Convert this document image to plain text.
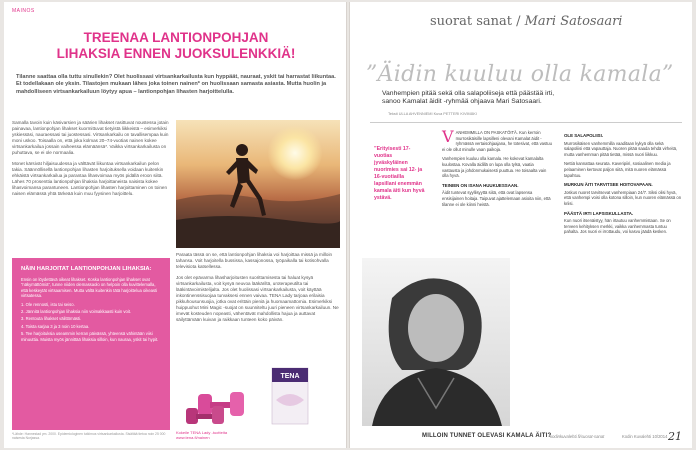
MAINOS
TREENAA LANTIONPOHJAN
LIHAKSIA ENNEN JUOKSULENKKIÄ!
Tilanne saattaa olla tuttu sinullekin? Olet huolissasi virtsankarkailusta kun hyppäät, nauraat, yskit tai harrastat liikuntaa. Et todellakaan ole yksin. Tilastojen mukaan lähes joka toinen nainen* on huolissaan samasta asiasta. Mutta huolin ja mahdolliseen virtsankarkailuun löytyy apua – lantionpohjan lihasten harjoittelulla.

Samalla tavoin kuin käsivarsien ja säärien lihakset rasittuvat noustessa jotain painavaa, lantionpohjan lihakset kuormittuvat tietyistä liikkeistä – esimerkiksi yskiessäsi, nauraessasi tai juostessasi. Virtsankarkailu on tavallisempaa kuin moni uskoo. Toisaalla on, että joka kolmas 20–74-vuotias nainen kokee virtsankarkailua jossain vaiheessa elämäänsä*. Vaikka virtsankarkailusta on puhuttava, se ei ole normaalia.

Monet kärsivät hiljaisuudessa ja välttävät liikuntaa virtsankarkailun pelon takia. Säännöllisellä lantionpohjan lihasten harjoituksella voidaan kuitenkin ehkäistä virtsankarkailua ja parantaa lihasvoimaa myös pidällä eroon siitä. Lähes 70 prosenttia lantionpohjan lihaksia harjoittaneista naisista kokee lihasvoimansa parantuneen. Lantionpohjan lihasten harjoittaminen on toinen naisen elämässä yhtä tärkeää kuin muu fyysinen harjoittelu.

Paraata tässä on se, että lantionpohjan lihaksia voi harjoittaa missä ja milloin tahansa. Voit harjoitella bussissa, kassajonossa, työpaikalla tai kotisohvalla televisiota katsellessa.

Jos olet epävarma lihasharjoitusten suorittamisesta tai haluat kysyä virtsankarkailusta, voit kysyä neuvoa lääkäriltä, uroterapeutilta tai lääkintävoimistelijalta. Jos olet huolissasi virtsankarkailusta, voit käyttää inkontinenssisuojaa turvaksesi ennen vaivaa. TENA Lady tarjoaa erilaisia pikkuhousunsuojia, jotka ovat erittäin pieniä ja huomaamattomia. Esimerkiksi huippuohut Mini Magic -suojat on suunniteltu juuri pieneen virtsankarkailuun. Ne imevät kosteuden nopeasti, vähentävät mahdollista hajua ja auttavat säilyttämään kuivan ja raikkaan tunteen koko päivän.

NÄIN HARJOITAT LANTIONPOHJAN LIHAKSIA:

Ensin on löydettävä oikeat lihakset. Koska lantionpohjan lihakset ovat ”näkymättömiä”, tunne niiden olemassaolo on helpoin olla kuvittelemalla, että keskeytät virtsaamisen. Mutta vältä kuitenkin tätä harjoittelua oikeasti virtsatessa.

1. Ole rennosti, istu tai seiso.
2. Jännitä lantionpohjan lihaksia niin voimakkaasti kuin voit.
3. Rentouta lihakset välittömästi.
4. Toista sarjaa 3 ja 3 noin 10 kertaa.
5. Tee harjoituksia useammin kerran päivässä, yhteensä vähintään viisi minuuttia. Muista myös jännittää lihaksia silloin, kun nauraa, yskit tai hypit.
TENA
Kokeile TENA Lady -tuotteita
www.tena.fi/nainen
*Lähde: Hannestad ym. 2000. Epidemiologinen tutkimus virtsankarkailusta. Sisältää tietoa noin 25 000 naisesta Norjassa.
suorat sanat / Mari Satosaari
”Äidin kuuluu olla kamala”
Vanhempien pitää sekä olla salapoliiseja että päästää irti,
sanoo Kamalat äidit -ryhmää ohjaava Mari Satosaari.
Teksti ULLA AHVENNIEMI Kuva PETTERI KIVIMÄKI
”Erityisesti 17-vuotias jyväskyläinen nuorimies sai 12- ja 16-vuotiailla lapsillani enemmän kamala äiti kun hyvä ystävä.

VANHEMMILLA ON PASKATÖITÄ. Kun kerroin murrosikäisille lapsilleni olevani Kamalat äidit -ryhmässä vertaisohjaajana, he totesivat, että vastuu ei ole ollut minulle vaan paikoja.

Vanhempien kuuluu olla kamala. He kokevat kamalalta kuulostaa. Kovalla äidillä on lupa olla tylsä, vaatia vastausta ja johdonmukaisesti puuttua. He toisaalta vain olla hyvä.

TEINIEN ON ISANA HUUKUESSAAN.

Äidit tuntevat syyllisyyttä siitä, että ovat lapsensa ensisijainen hoitaja. Taipuvat ajattelemaan asioita niin, että tilanne ei ole kiinni heistä.

OLE SALAPOLIISI.

Murrosikäisen vanhemmilla vaaditaan kykyä olla sekä salapoliisi että vapauttaja. Nuoren pitää saada tehdä virheitä, mutta vanhemman pitää tietää, missä nuori liikkuu.

Nettiä kannattaa seurata. Kaveripiiri, sosiaalinen media ja pelaaminen kertovat paljon siitä, mitä nuoren elämässä tapahtuu.

MURKUN ÄITI TARVITSEE HOITOVAPAAN.

Joskus nuoret tarvitsevat vanhempiaan 24/7. Siksi olisi hyvä, että vanhempi voisi olla kotona silloin, kun nuoren elämässä on kriisi.

PÄÄSTÄ IRTI LAPSISKULLASTA.

Kun nuori itsenäistyy, hän irtautuu vanhemmistaan. Se on terveen kehityksen merkki, vaikka vanhemmasta tuntuu pahalta. Jos nuori ei irrottaudu, voi kasvu jäädä kesken.

MILLOIN TUNNET OLEVASI KAMALA ÄITI?
kodinkuvalehti.fi/suorat-sanat	Kodin Kuvalehti 10/2014 21
